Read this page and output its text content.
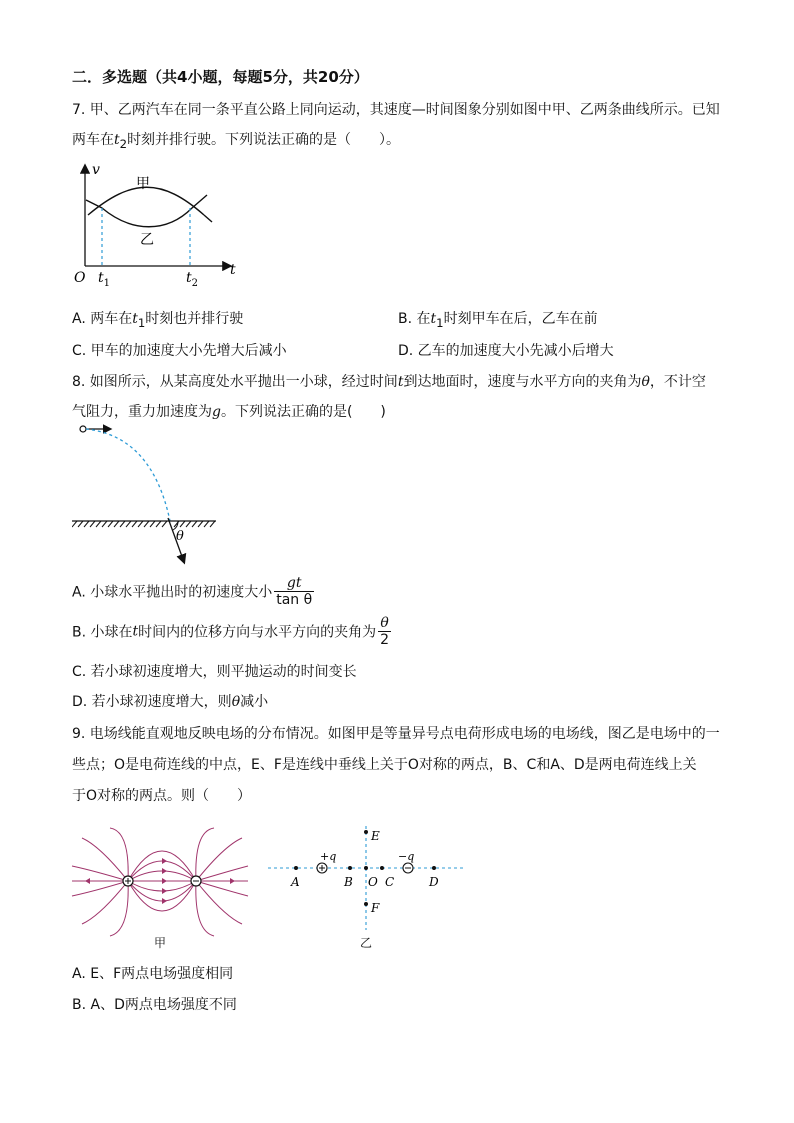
二．多选题（共4小题，每题5分，共20分）
7. 甲、乙两汽车在同一条平直公路上同向运动，其速度—时间图象分别如图中甲、乙两条曲线所示。已知
两车在$t_2$时刻并排行驶。下列说法正确的是（　　）。
v
甲
乙
O $t_1$	$t_2$
t
A. 两车在$t_1$时刻也并排行驶	B. 在$t_1$时刻甲车在后，乙车在前
C. 甲车的加速度大小先增大后减小	D. 乙车的加速度大小先减小后增大
8. 如图所示，从某高度处水平抛出一小球，经过时间t到达地面时，速度与水平方向的夹角为θ，不计空
气阻力，重力加速度为g。下列说法正确的是(　　)
θ
A. 小球水平抛出时的初速度大小 $\frac{gt}{\text{tan θ}}$
B. 小球在t时间内的位移方向与水平方向的夹角为 $\frac{\theta}{2}$
C. 若小球初速度增大，则平抛运动的时间变长
D. 若小球初速度增大，则θ减小
9. 电场线能直观地反映电场的分布情况。如图甲是等量异号点电荷形成电场的电场线，图乙是电场中的一
些点；O是电荷连线的中点，E、F是连线中垂线上关于O对称的两点，B、C和A、D是两电荷连线上关
于O对称的两点。则（　　）
甲
A	B O C	D
E
F
+q	−q
乙
A. E、F两点电场强度相同
B. A、D两点电场强度不同
